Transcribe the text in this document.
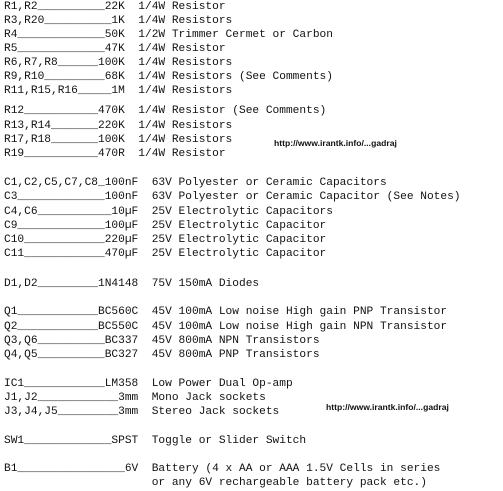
R1,R2__________22K  1/4W Resistor
R3,R20__________1K  1/4W Resistors
R4_____________50K  1/2W Trimmer Cermet or Carbon
R5_____________47K  1/4W Resistor
R6,R7,R8______100K  1/4W Resistors
R9,R10_________68K  1/4W Resistors (See Comments)
R11,R15,R16_____1M  1/4W Resistors
R12___________470K  1/4W Resistor (See Comments)
R13,R14_______220K  1/4W Resistors
R17,R18_______100K  1/4W Resistors
R19___________470R  1/4W Resistor
C1,C2,C5,C7,C8_100nF  63V Polyester or Ceramic Capacitors
C3_____________100nF  63V Polyester or Ceramic Capacitor (See Notes)
C4,C6___________10µF  25V Electrolytic Capacitors
C9_____________100µF  25V Electrolytic Capacitor
C10____________220µF  25V Electrolytic Capacitor
C11____________470µF  25V Electrolytic Capacitor
D1,D2_________1N4148  75V 150mA Diodes
Q1____________BC560C  45V 100mA Low noise High gain PNP Transistor
Q2____________BC550C  45V 100mA Low noise High gain NPN Transistor
Q3,Q6__________BC337  45V 800mA NPN Transistors
Q4,Q5__________BC327  45V 800mA PNP Transistors
IC1____________LM358  Low Power Dual Op-amp
J1,J2____________3mm  Mono Jack sockets
J3,J4,J5_________3mm  Stereo Jack sockets
SW1_____________SPST  Toggle or Slider Switch
B1________________6V  Battery (4 x AA or AAA 1.5V Cells in series
or any 6V rechargeable battery pack etc.)
http://www.irantk.info/...gadraj
http://www.irantk.info/...gadraj
